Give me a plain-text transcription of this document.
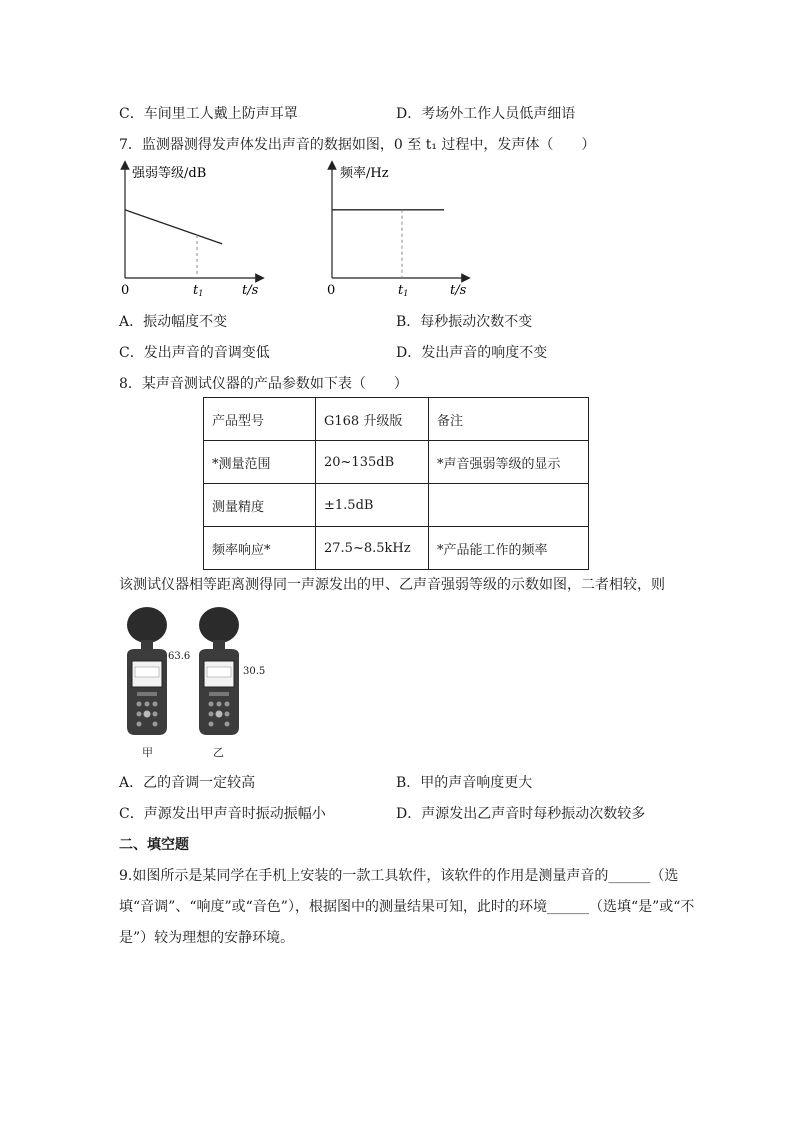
C．车间里工人戴上防声耳罩	D．考场外工作人员低声细语
7．监测器测得发声体发出声音的数据如图，0 至 t₁ 过程中，发声体（　　）
强弱等级/dB
0	t1	t/s
频率/Hz
0	t1	t/s
A．振动幅度不变	B．每秒振动次数不变
C．发出声音的音调变低	D．发出声音的响度不变
8．某声音测试仪器的产品参数如下表（　　）
产品型号	G168 升级版	备注
*测量范围	20~135dB	*声音强弱等级的显示
测量精度	±1.5dB	
频率响应*	27.5~8.5kHz	*产品能工作的频率
该测试仪器相等距离测得同一声源发出的甲、乙声音强弱等级的示数如图，二者相较，则
63.6
甲
30.5
乙
A．乙的音调一定较高	B．甲的声音响度更大
C．声源发出甲声音时振动振幅小	D．声源发出乙声音时每秒振动次数较多
二、填空题
9.如图所示是某同学在手机上安装的一款工具软件，该软件的作用是测量声音的______（选
填“音调”、“响度”或“音色”），根据图中的测量结果可知，此时的环境______（选填“是”或“不
是”）较为理想的安静环境。
